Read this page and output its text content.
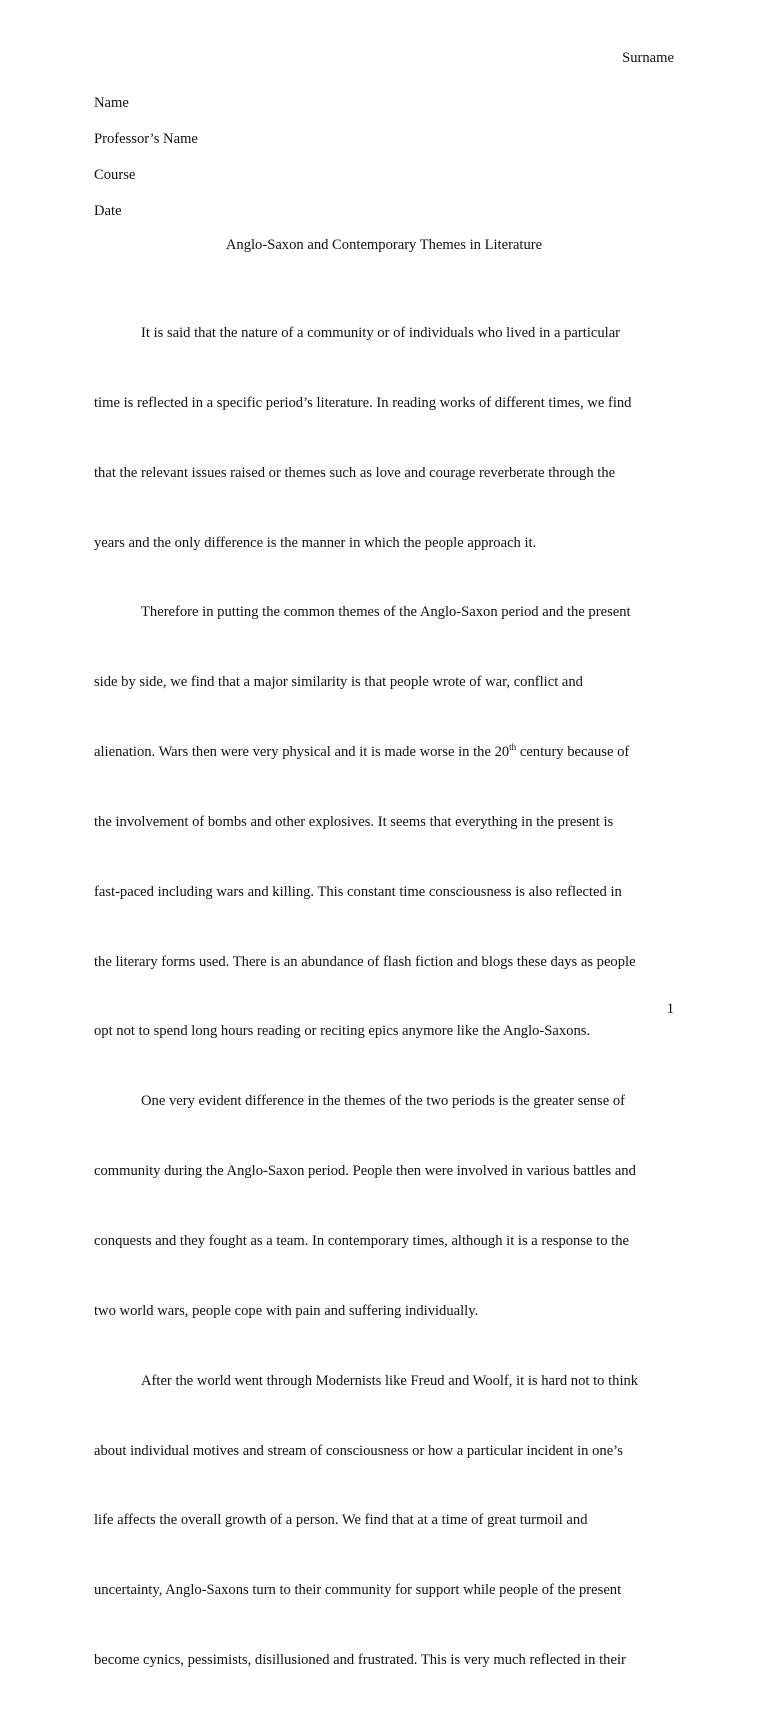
Surname
Name
Professor’s Name
Course
Date
Anglo-Saxon and Contemporary Themes in Literature

It is said that the nature of a community or of individuals who lived in a particular

time is reflected in a specific period’s literature. In reading works of different times, we find

that the relevant issues raised or themes such as love and courage reverberate through the

years and the only difference is the manner in which the people approach it.

Therefore in putting the common themes of the Anglo-Saxon period and the present

side by side, we find that a major similarity is that people wrote of war, conflict and

alienation. Wars then were very physical and it is made worse in the 20th century because of

the involvement of bombs and other explosives. It seems that everything in the present is

fast-paced including wars and killing. This constant time consciousness is also reflected in

the literary forms used. There is an abundance of flash fiction and blogs these days as people

opt not to spend long hours reading or reciting epics anymore like the Anglo-Saxons.

One very evident difference in the themes of the two periods is the greater sense of

community during the Anglo-Saxon period. People then were involved in various battles and

conquests and they fought as a team. In contemporary times, although it is a response to the

two world wars, people cope with pain and suffering individually.

After the world went through Modernists like Freud and Woolf, it is hard not to think

about individual motives and stream of consciousness or how a particular incident in one’s

life affects the overall growth of a person. We find that at a time of great turmoil and

uncertainty, Anglo-Saxons turn to their community for support while people of the present

become cynics, pessimists, disillusioned and frustrated. This is very much reflected in their

1
